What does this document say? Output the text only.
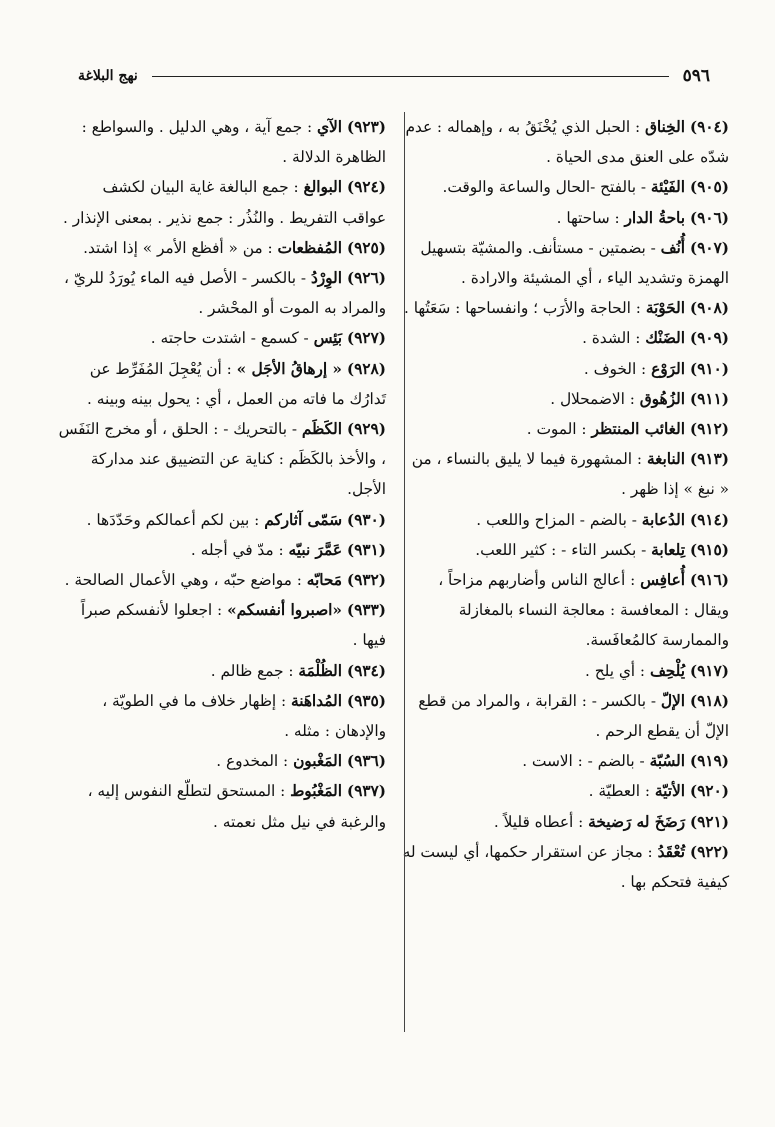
٥٩٦
نهج البلاغة
(٩٠٤) الخِناق : الحبل الذي يُخْنَقُ به ، وإهماله : عدم شدّه على العنق مدى الحياة .
(٩٠٥) الفَيْئة - بالفتح -الحال والساعة والوقت.
(٩٠٦) باحةُ الدار : ساحتها .
(٩٠٧) أُنُف - بضمتين - مستأنف. والمشيّة بتسهيل الهمزة وتشديد الياء ، أي المشيئة والارادة .
(٩٠٨) الحَوْبَة : الحاجة والأرَب ؛ وانفساحها : سَعَتُها .
(٩٠٩) الضَنْك : الشدة .
(٩١٠) الرَوْع : الخوف .
(٩١١) الزُهُوق : الاضمحلال .
(٩١٢) الغائب المنتظر : الموت .
(٩١٣) النابغة : المشهورة فيما لا يليق بالنساء ، من « نبغ » إذا ظهر .
(٩١٤) الدُعابة - بالضم - المزاح واللعب .
(٩١٥) تِلعابة - بكسر التاء - : كثير اللعب.
(٩١٦) أُعافِس : أعالج الناس وأضاربهم مزاحاً ، ويقال : المعافسة : معالجة النساء بالمغازلة والممارسة كالمُعافَسة.
(٩١٧) يُلْحِف : أي يلح .
(٩١٨) الإلّ - بالكسر - : القرابة ، والمراد من قطع الإلّ أن يقطع الرحم .
(٩١٩) السُبّة - بالضم - : الاست .
(٩٢٠) الأتيّة : العطيّة .
(٩٢١) رَضَخَ له رَضيخة : أعطاه قليلاً .
(٩٢٢) تُعْقَدُ : مجاز عن استقرار حكمها، أي ليست له كيفية فتحكم بها .
(٩٢٣) الآي : جمع آية ، وهي الدليل . والسواطع : الظاهرة الدلالة .
(٩٢٤) البوالغ : جمع البالغة غاية البيان لكشف عواقب التفريط . والنُذُر : جمع نذير . بمعنى الإنذار .
(٩٢٥) المُفظعات : من « أفظع الأمر » إذا اشتد.
(٩٢٦) الوِرْدُ - بالكسر - الأصل فيه الماء يُورَدُ للريّ ، والمراد به الموت أو المحْشر .
(٩٢٧) بَئِس - كسمع - اشتدت حاجته .
(٩٢٨) « إرهاقُ الأجَل » : أن يُعْجِلَ المُفَرِّط عن تَدارُك ما فاته من العمل ، أي : يحول بينه وبينه .
(٩٢٩) الكَظَم - بالتحريك - : الحلق ، أو مخرج النَفَس ، والأخذ بالكَظَم : كناية عن التضييق عند مداركة الأجل.
(٩٣٠) سَمّى آثاركم : بين لكم أعمالكم وحَدّدَها .
(٩٣١) عَمَّرَ نبيّه : مدّ في أجله .
(٩٣٢) مَحابّه : مواضع حبّه ، وهي الأعمال الصالحة .
(٩٣٣) «اصبروا أنفسكم» : اجعلوا لأنفسكم صبراً فيها .
(٩٣٤) الظُلْمَة : جمع ظالم .
(٩٣٥) المُداهَنة : إظهار خلاف ما في الطويّة ، والإدهان : مثله .
(٩٣٦) المَغْبون : المخدوع .
(٩٣٧) المَغْبُوط : المستحق لتطلّع النفوس إليه ، والرغبة في نيل مثل نعمته .
